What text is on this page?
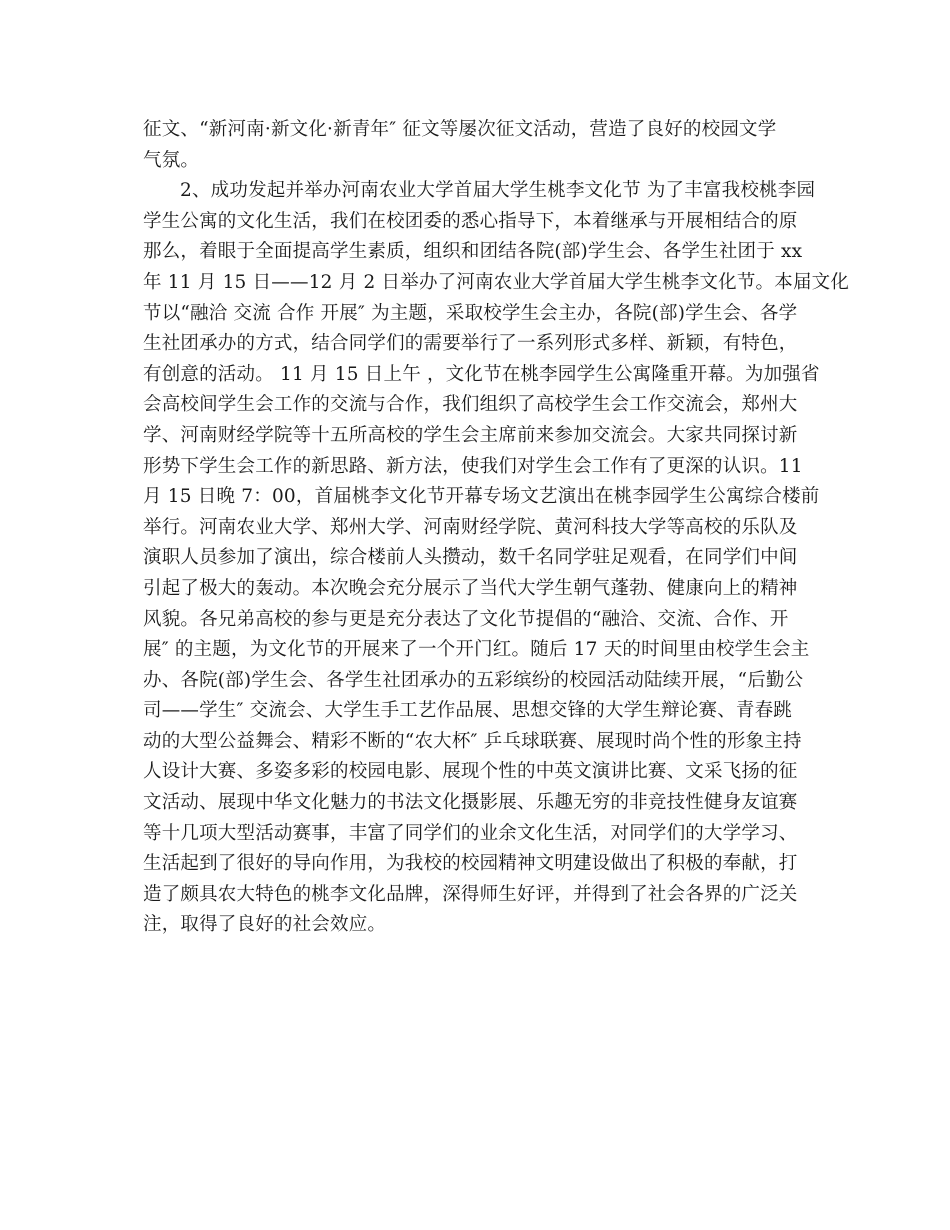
征文、“新河南·新文化·新青年″ 征文等屡次征文活动，营造了良好的校园文学
气氛。
2、成功发起并举办河南农业大学首届大学生桃李文化节 为了丰富我校桃李园
学生公寓的文化生活，我们在校团委的悉心指导下，本着继承与开展相结合的原
那么，着眼于全面提高学生素质，组织和团结各院(部)学生会、各学生社团于 xx
年 11 月 15 日——12 月 2 日举办了河南农业大学首届大学生桃李文化节。本届文化
节以“融洽 交流 合作 开展″ 为主题，采取校学生会主办，各院(部)学生会、各学
生社团承办的方式，结合同学们的需要举行了一系列形式多样、新颖，有特色，
有创意的活动。 11 月 15 日上午 ，文化节在桃李园学生公寓隆重开幕。为加强省
会高校间学生会工作的交流与合作，我们组织了高校学生会工作交流会，郑州大
学、河南财经学院等十五所高校的学生会主席前来参加交流会。大家共同探讨新
形势下学生会工作的新思路、新方法，使我们对学生会工作有了更深的认识。11
月 15 日晚 7：00，首届桃李文化节开幕专场文艺演出在桃李园学生公寓综合楼前
举行。河南农业大学、郑州大学、河南财经学院、黄河科技大学等高校的乐队及
演职人员参加了演出，综合楼前人头攒动，数千名同学驻足观看，在同学们中间
引起了极大的轰动。本次晚会充分展示了当代大学生朝气蓬勃、健康向上的精神
风貌。各兄弟高校的参与更是充分表达了文化节提倡的“融洽、交流、合作、开
展″ 的主题，为文化节的开展来了一个开门红。随后 17 天的时间里由校学生会主
办、各院(部)学生会、各学生社团承办的五彩缤纷的校园活动陆续开展，“后勤公
司——学生″ 交流会、大学生手工艺作品展、思想交锋的大学生辩论赛、青春跳
动的大型公益舞会、精彩不断的“农大杯″ 乒乓球联赛、展现时尚个性的形象主持
人设计大赛、多姿多彩的校园电影、展现个性的中英文演讲比赛、文采飞扬的征
文活动、展现中华文化魅力的书法文化摄影展、乐趣无穷的非竞技性健身友谊赛
等十几项大型活动赛事，丰富了同学们的业余文化生活，对同学们的大学学习、
生活起到了很好的导向作用，为我校的校园精神文明建设做出了积极的奉献，打
造了颇具农大特色的桃李文化品牌，深得师生好评，并得到了社会各界的广泛关
注，取得了良好的社会效应。
